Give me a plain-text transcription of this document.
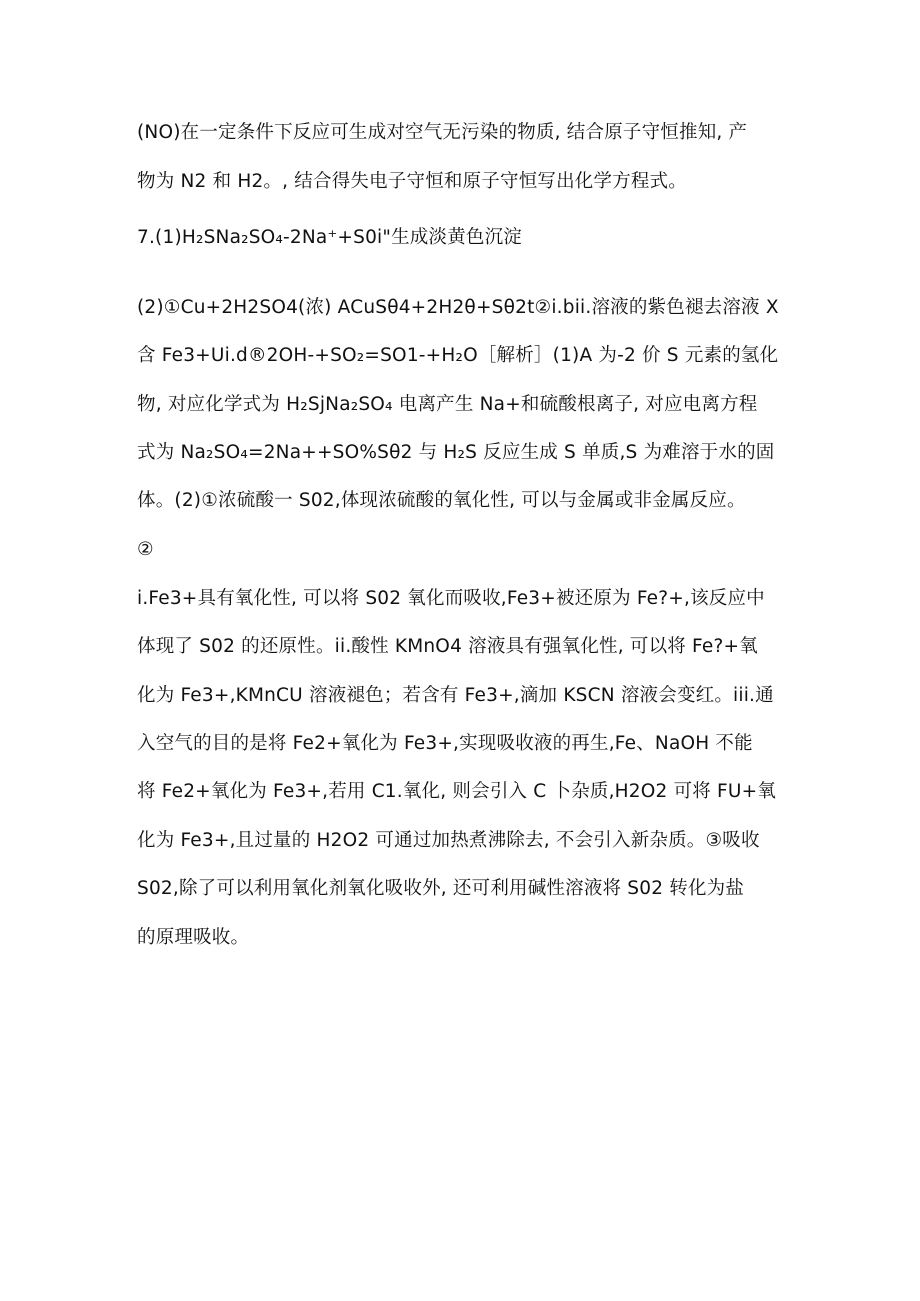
(NO)在一定条件下反应可生成对空气无污染的物质, 结合原子守恒推知, 产
物为 N2 和 H2。, 结合得失电子守恒和原子守恒写出化学方程式。
7.(1)H₂SNa₂SO₄-2Na⁺+S0i"生成淡黄色沉淀
(2)①Cu+2H2SO4(浓) ACuSθ4+2H2θ+Sθ2t②i.bii.溶液的紫色褪去溶液 X
含 Fe3+Ui.d®2OH-+SO₂=SO1-+H₂O［解析］(1)A 为-2 价 S 元素的氢化
物, 对应化学式为 H₂SjNa₂SO₄ 电离产生 Na+和硫酸根离子, 对应电离方程
式为 Na₂SO₄=2Na++SO%Sθ2 与 H₂S 反应生成 S 单质,S 为难溶于水的固
体。(2)①浓硫酸一 S02,体现浓硫酸的氧化性, 可以与金属或非金属反应。
②
i.Fe3+具有氧化性, 可以将 S02 氧化而吸收,Fe3+被还原为 Fe?+,该反应中
体现了 S02 的还原性。ii.酸性 KMnO4 溶液具有强氧化性, 可以将 Fe?+氧
化为 Fe3+,KMnCU 溶液褪色；若含有 Fe3+,滴加 KSCN 溶液会变红。iii.通
入空气的目的是将 Fe2+氧化为 Fe3+,实现吸收液的再生,Fe、NaOH 不能
将 Fe2+氧化为 Fe3+,若用 C1.氧化, 则会引入 C 卜杂质,H2O2 可将 FU+氧
化为 Fe3+,且过量的 H2O2 可通过加热煮沸除去, 不会引入新杂质。③吸收
S02,除了可以利用氧化剂氧化吸收外, 还可利用碱性溶液将 S02 转化为盐
的原理吸收。
